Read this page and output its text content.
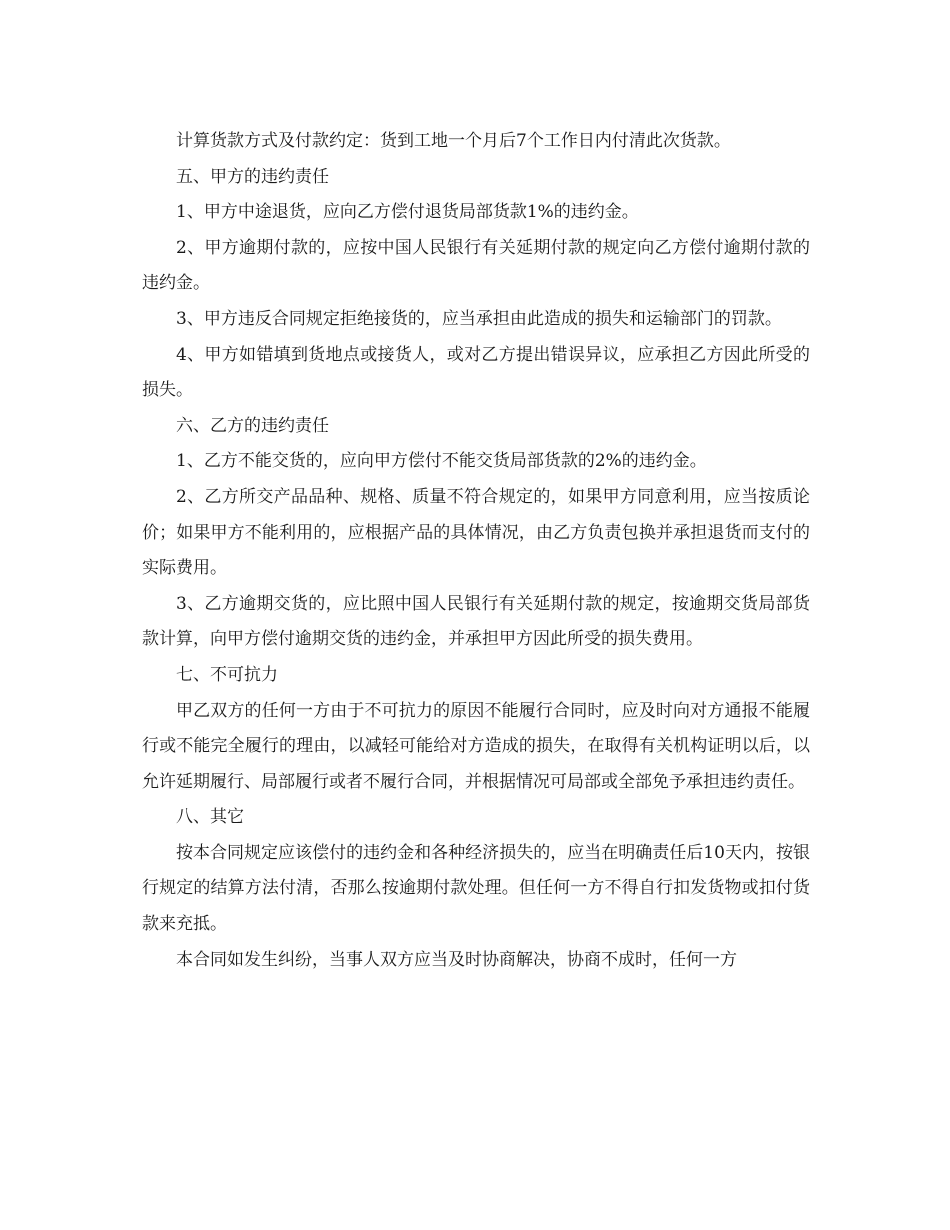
计算货款方式及付款约定：货到工地一个月后7个工作日内付清此次货款。

五、甲方的违约责任

1、甲方中途退货，应向乙方偿付退货局部货款1%的违约金。

2、甲方逾期付款的，应按中国人民银行有关延期付款的规定向乙方偿付逾期付款的违约金。

3、甲方违反合同规定拒绝接货的，应当承担由此造成的损失和运输部门的罚款。

4、甲方如错填到货地点或接货人，或对乙方提出错误异议，应承担乙方因此所受的损失。

六、乙方的违约责任

1、乙方不能交货的，应向甲方偿付不能交货局部货款的2%的违约金。

2、乙方所交产品品种、规格、质量不符合规定的，如果甲方同意利用，应当按质论价；如果甲方不能利用的，应根据产品的具体情况，由乙方负责包换并承担退货而支付的实际费用。

3、乙方逾期交货的，应比照中国人民银行有关延期付款的规定，按逾期交货局部货款计算，向甲方偿付逾期交货的违约金，并承担甲方因此所受的损失费用。

七、不可抗力

甲乙双方的任何一方由于不可抗力的原因不能履行合同时，应及时向对方通报不能履行或不能完全履行的理由，以减轻可能给对方造成的损失，在取得有关机构证明以后，以允许延期履行、局部履行或者不履行合同，并根据情况可局部或全部免予承担违约责任。

八、其它

按本合同规定应该偿付的违约金和各种经济损失的，应当在明确责任后10天内，按银行规定的结算方法付清，否那么按逾期付款处理。但任何一方不得自行扣发货物或扣付货款来充抵。

本合同如发生纠纷，当事人双方应当及时协商解决，协商不成时，任何一方
